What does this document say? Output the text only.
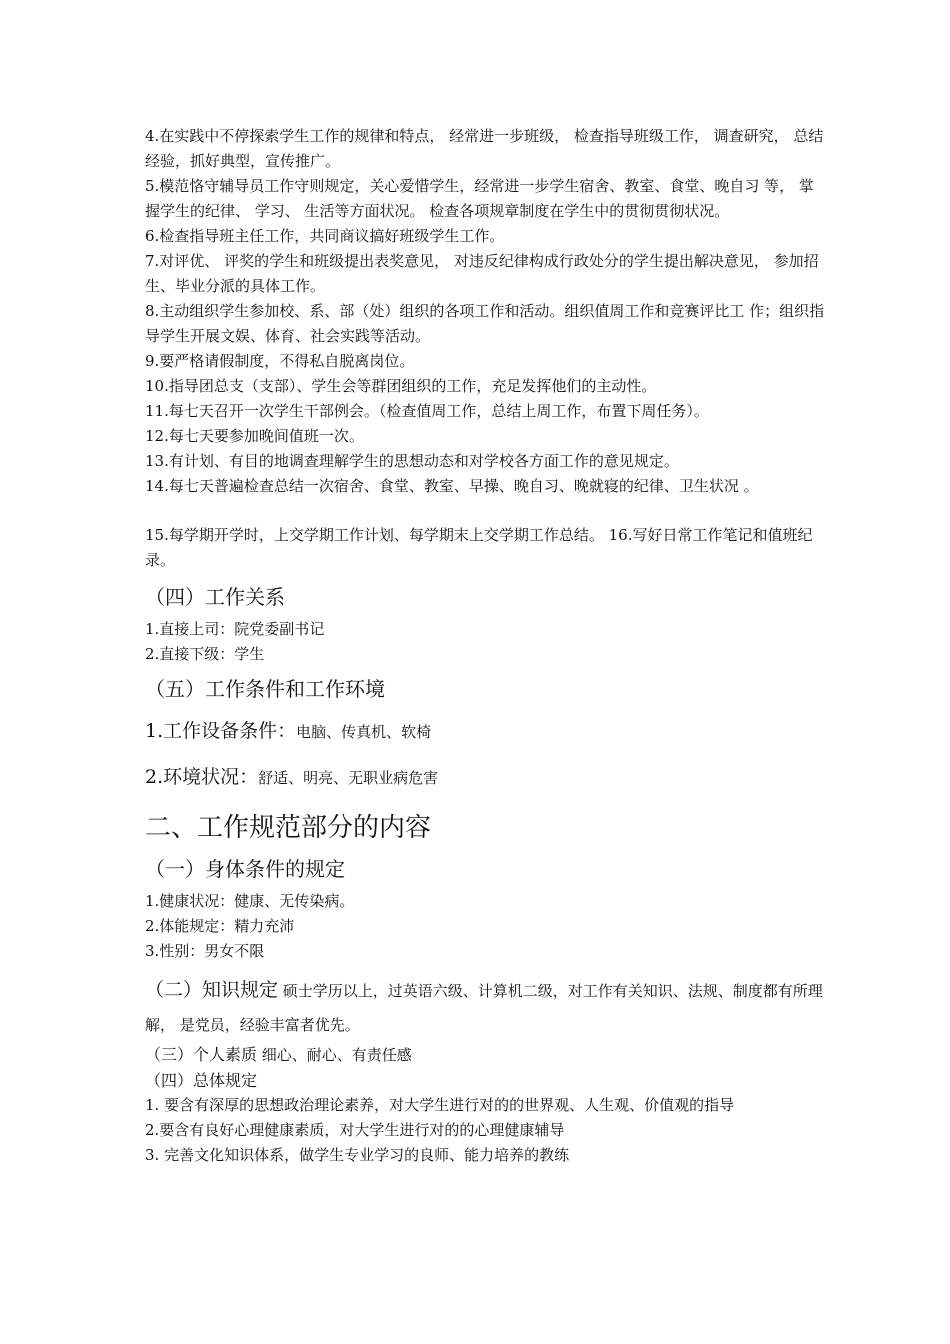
4.在实践中不停探索学生工作的规律和特点， 经常进一步班级， 检查指导班级工作， 调查研究， 总结经验，抓好典型，宣传推广。

5.模范恪守辅导员工作守则规定，关心爱惜学生，经常进一步学生宿舍、教室、食堂、晚自习 等， 掌握学生的纪律、 学习、 生活等方面状况。 检查各项规章制度在学生中的贯彻贯彻状况。

6.检查指导班主任工作，共同商议搞好班级学生工作。

7.对评优、 评奖的学生和班级提出表奖意见， 对违反纪律构成行政处分的学生提出解决意见， 参加招生、毕业分派的具体工作。

8.主动组织学生参加校、系、部（处）组织的各项工作和活动。组织值周工作和竞赛评比工 作；组织指导学生开展文娱、体育、社会实践等活动。

9.要严格请假制度，不得私自脱离岗位。

10.指导团总支（支部）、学生会等群团组织的工作，充足发挥他们的主动性。

11.每七天召开一次学生干部例会。（检查值周工作，总结上周工作，布置下周任务）。

12.每七天要参加晚间值班一次。

13.有计划、有目的地调查理解学生的思想动态和对学校各方面工作的意见规定。

14.每七天普遍检查总结一次宿舍、食堂、教室、早操、晚自习、晚就寝的纪律、卫生状况 。

15.每学期开学时，上交学期工作计划、每学期末上交学期工作总结。 16.写好日常工作笔记和值班纪录。

（四）工作关系

1.直接上司：院党委副书记

2.直接下级：学生

（五）工作条件和工作环境

1.工作设备条件：电脑、传真机、软椅

2.环境状况：舒适、明亮、无职业病危害

二、工作规范部分的内容

（一）身体条件的规定

1.健康状况：健康、无传染病。

2.体能规定：精力充沛

3.性别：男女不限

（二）知识规定 硕士学历以上，过英语六级、计算机二级，对工作有关知识、法规、制度都有所理解， 是党员，经验丰富者优先。

（三）个人素质 细心、耐心、有责任感

（四）总体规定

1. 要含有深厚的思想政治理论素养，对大学生进行对的的世界观、人生观、价值观的指导

2.要含有良好心理健康素质，对大学生进行对的的心理健康辅导

3. 完善文化知识体系，做学生专业学习的良师、能力培养的教练
